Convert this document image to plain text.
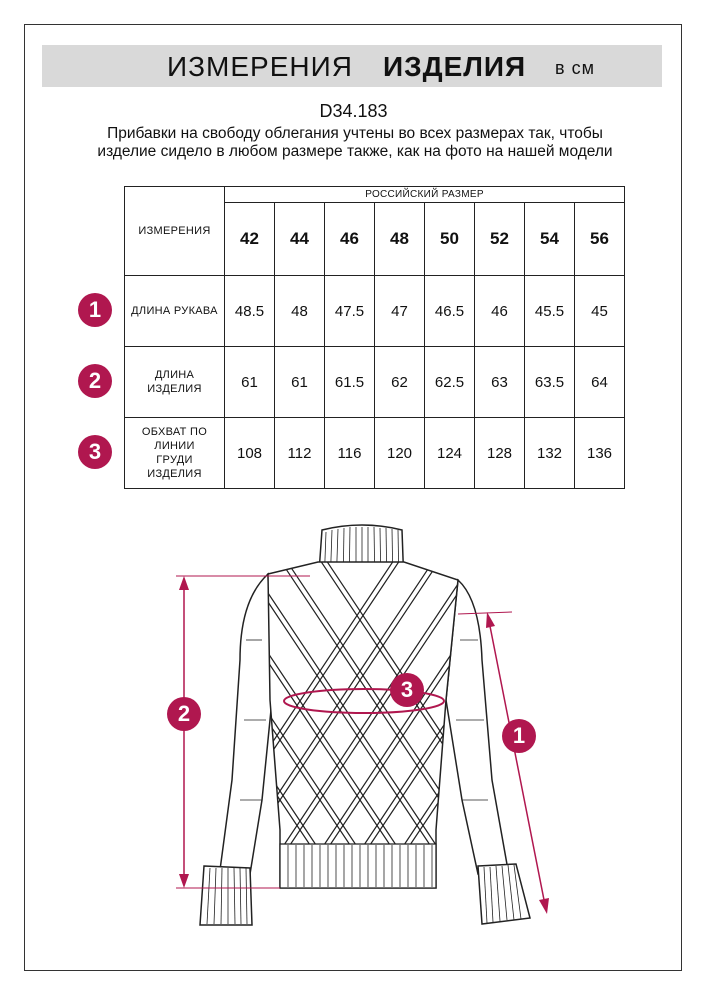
ИЗМЕРЕНИЯ ИЗДЕЛИЯ в см
D34.183
Прибавки на свободу облегания учтены во всех размерах так, чтобы изделие сидело в любом размере также, как на фото на нашей модели
ИЗМЕРЕНИЯ	РОССИЙСКИЙ РАЗМЕР							
	42	44	46	48	50	52	54	56
ДЛИНА РУКАВА	48.5	48	47.5	47	46.5	46	45.5	45
ДЛИНА ИЗДЕЛИЯ	61	61	61.5	62	62.5	63	63.5	64
ОБХВАТ ПО ЛИНИИ ГРУДИ ИЗДЕЛИЯ	108	112	116	120	124	128	132	136
1
2
3
2
3
1
